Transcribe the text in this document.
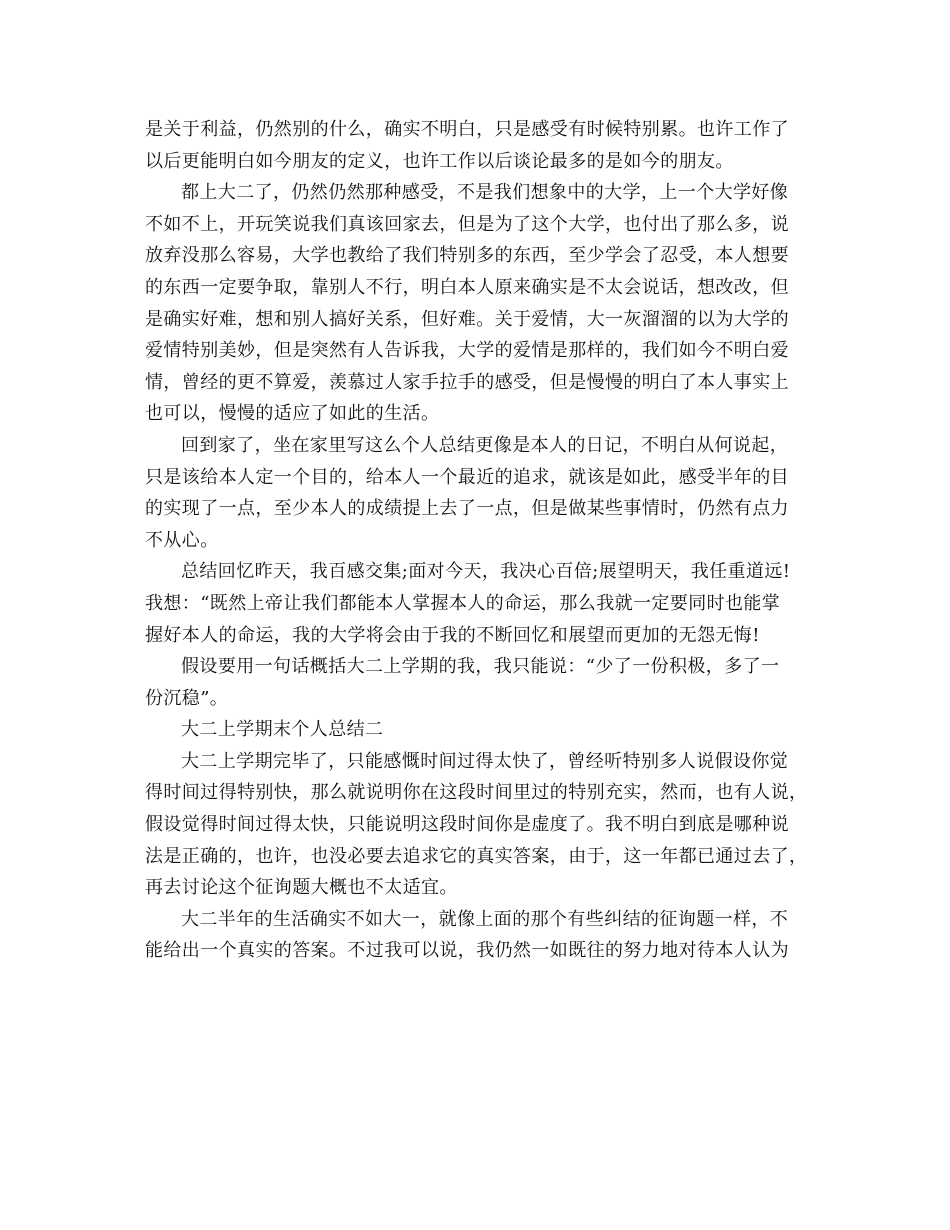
是关于利益，仍然别的什么，确实不明白，只是感受有时候特别累。也许工作了
以后更能明白如今朋友的定义，也许工作以后谈论最多的是如今的朋友。
都上大二了，仍然仍然那种感受，不是我们想象中的大学，上一个大学好像
不如不上，开玩笑说我们真该回家去，但是为了这个大学，也付出了那么多，说
放弃没那么容易，大学也教给了我们特别多的东西，至少学会了忍受，本人想要
的东西一定要争取，靠别人不行，明白本人原来确实是不太会说话，想改改，但
是确实好难，想和别人搞好关系，但好难。关于爱情，大一灰溜溜的以为大学的
爱情特别美妙，但是突然有人告诉我，大学的爱情是那样的，我们如今不明白爱
情，曾经的更不算爱，羡慕过人家手拉手的感受，但是慢慢的明白了本人事实上
也可以，慢慢的适应了如此的生活。
回到家了，坐在家里写这么个人总结更像是本人的日记，不明白从何说起，
只是该给本人定一个目的，给本人一个最近的追求，就该是如此，感受半年的目
的实现了一点，至少本人的成绩提上去了一点，但是做某些事情时，仍然有点力
不从心。
总结回忆昨天，我百感交集;面对今天，我决心百倍;展望明天，我任重道远!
我想：“既然上帝让我们都能本人掌握本人的命运，那么我就一定要同时也能掌
握好本人的命运，我的大学将会由于我的不断回忆和展望而更加的无怨无悔!
假设要用一句话概括大二上学期的我，我只能说：“少了一份积极，多了一
份沉稳”。
大二上学期末个人总结二
大二上学期完毕了，只能感慨时间过得太快了，曾经听特别多人说假设你觉
得时间过得特别快，那么就说明你在这段时间里过的特别充实，然而，也有人说，
假设觉得时间过得太快，只能说明这段时间你是虚度了。我不明白到底是哪种说
法是正确的，也许，也没必要去追求它的真实答案，由于，这一年都已通过去了，
再去讨论这个征询题大概也不太适宜。
大二半年的生活确实不如大一，就像上面的那个有些纠结的征询题一样，不
能给出一个真实的答案。不过我可以说，我仍然一如既往的努力地对待本人认为
